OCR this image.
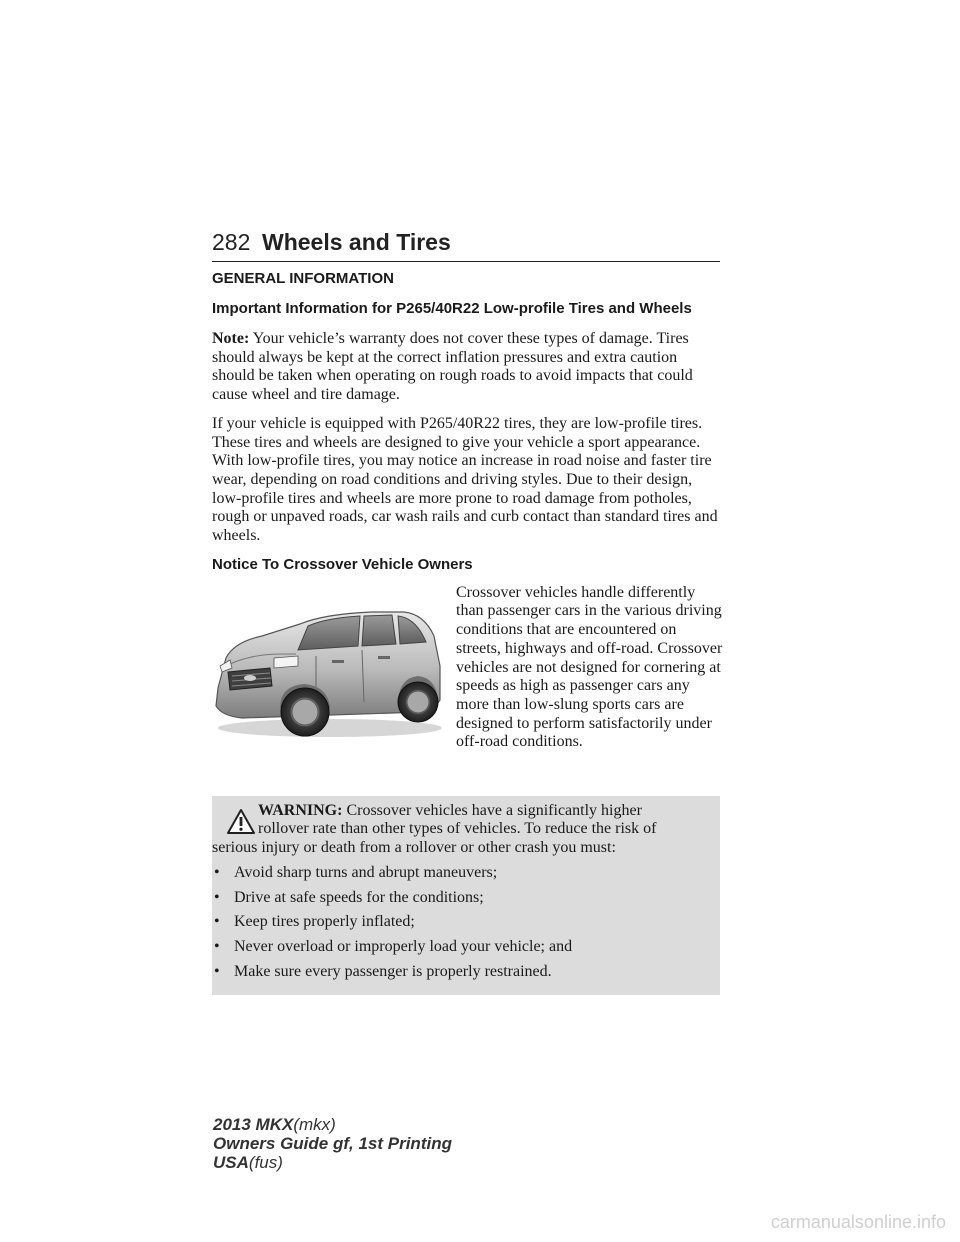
282 Wheels and Tires
GENERAL INFORMATION
Important Information for P265/40R22 Low-profile Tires and Wheels

Note: Your vehicle’s warranty does not cover these types of damage. Tires should always be kept at the correct inflation pressures and extra caution should be taken when operating on rough roads to avoid impacts that could cause wheel and tire damage.

If your vehicle is equipped with P265/40R22 tires, they are low-profile tires. These tires and wheels are designed to give your vehicle a sport appearance. With low-profile tires, you may notice an increase in road noise and faster tire wear, depending on road conditions and driving styles. Due to their design, low-profile tires and wheels are more prone to road damage from potholes, rough or unpaved roads, car wash rails and curb contact than standard tires and wheels.

Notice To Crossover Vehicle Owners

Crossover vehicles handle differently than passenger cars in the various driving conditions that are encountered on streets, highways and off-road. Crossover vehicles are not designed for cornering at speeds as high as passenger cars any more than low-slung sports cars are designed to perform satisfactorily under off-road conditions.

WARNING: Crossover vehicles have a significantly higher
rollover rate than other types of vehicles. To reduce the risk of
serious injury or death from a rollover or other crash you must:
• Avoid sharp turns and abrupt maneuvers;
• Drive at safe speeds for the conditions;
• Keep tires properly inflated;
• Never overload or improperly load your vehicle; and
• Make sure every passenger is properly restrained.
2013 MKX(mkx)
Owners Guide gf, 1st Printing
USA(fus)
carmanualsonline.info
